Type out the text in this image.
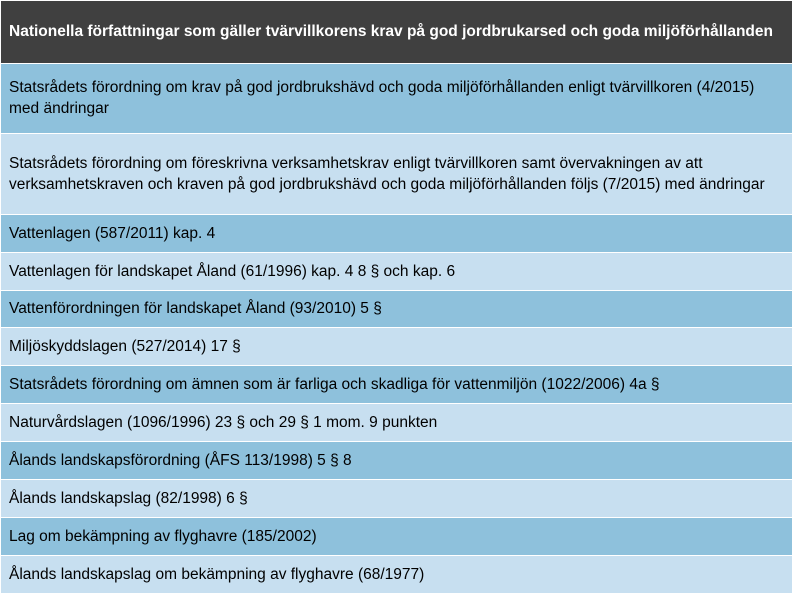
Nationella författningar som gäller tvärvillkorens krav på god jordbrukarsed och goda miljöförhållanden
Statsrådets förordning om krav på god jordbrukshävd och goda miljöförhållanden enligt tvärvillkoren (4/2015) med ändringar
Statsrådets förordning om föreskrivna verksamhetskrav enligt tvärvillkoren samt övervakningen av att verksamhetskraven och kraven på god jordbrukshävd och goda miljöförhållanden följs (7/2015) med ändringar
Vattenlagen (587/2011) kap. 4
Vattenlagen för landskapet Åland (61/1996) kap. 4 8 § och kap. 6
Vattenförordningen för landskapet Åland (93/2010) 5 §
Miljöskyddslagen (527/2014) 17 §
Statsrådets förordning om ämnen som är farliga och skadliga för vattenmiljön (1022/2006) 4a §
Naturvårdslagen (1096/1996) 23 § och 29 § 1 mom. 9 punkten
Ålands landskapsförordning (ÅFS 113/1998) 5 § 8
Ålands landskapslag (82/1998) 6 §
Lag om bekämpning av flyghavre (185/2002)
Ålands landskapslag om bekämpning av flyghavre (68/1977)
